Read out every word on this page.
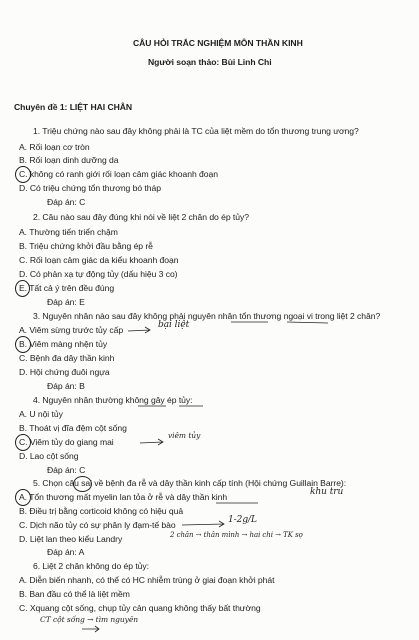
CÂU HỎI TRẮC NGHIỆM MÔN THẦN KINH
Người soạn thảo: Bùi Linh Chi
Chuyên đề 1: LIỆT HAI CHÂN
1. Triệu chứng nào sau đây không phải là TC của liệt mềm do tổn thương trung ương?
A. Rối loạn cơ tròn
B. Rối loạn dinh dưỡng da
C. không có ranh giới rối loạn cảm giác khoanh đoạn
D. Có triệu chứng tổn thương bó tháp
Đáp án: C
2. Câu nào sau đây đúng khi nói về liệt 2 chân do ép tủy?
A. Thường tiến triển chậm
B. Triệu chứng khởi đầu bằng ép rễ
C. Rối loạn cảm giác da kiểu khoanh đoạn
D. Có phản xạ tự động tủy (dấu hiệu 3 co)
E. Tất cả ý trên đều đúng
Đáp án: E
3. Nguyên nhân nào sau đây không phải nguyên nhân tổn thương ngoại vi trong liệt 2 chân?
A. Viêm sừng trước tủy cấp	bại liệt
B. Viêm màng nhện tủy
C. Bệnh đa dây thần kinh
D. Hội chứng đuôi ngựa
Đáp án: B
4. Nguyên nhân thường không gây ép tủy:
A. U nội tủy
B. Thoát vị đĩa đệm cột sống
C. Viêm tủy do giang mai
viêm tủy
D. Lao cột sống
Đáp án: C
5. Chọn câu sai về bệnh đa rễ và dây thần kinh cấp tính (Hội chứng Guillain Barre):
A. Tổn thương mất myelin lan tỏa ở rễ và dây thần kinh	khu trú
B. Điều trị bằng corticoid không có hiệu quả
C. Dịch não tủy có sự phân ly đạm-tế bào	1-2g/L
D. Liệt lan theo kiểu Landry	2 chân → thân mình → hai chi → TK sọ
Đáp án: A
6. Liệt 2 chân không do ép tủy:
A. Diễn biến nhanh, có thể có HC nhiễm trùng ở giai đoạn khởi phát
B. Ban đầu có thể là liệt mềm
C. Xquang cột sống, chụp tủy cản quang không thấy bất thường
CT cột sống → tìm nguyên
